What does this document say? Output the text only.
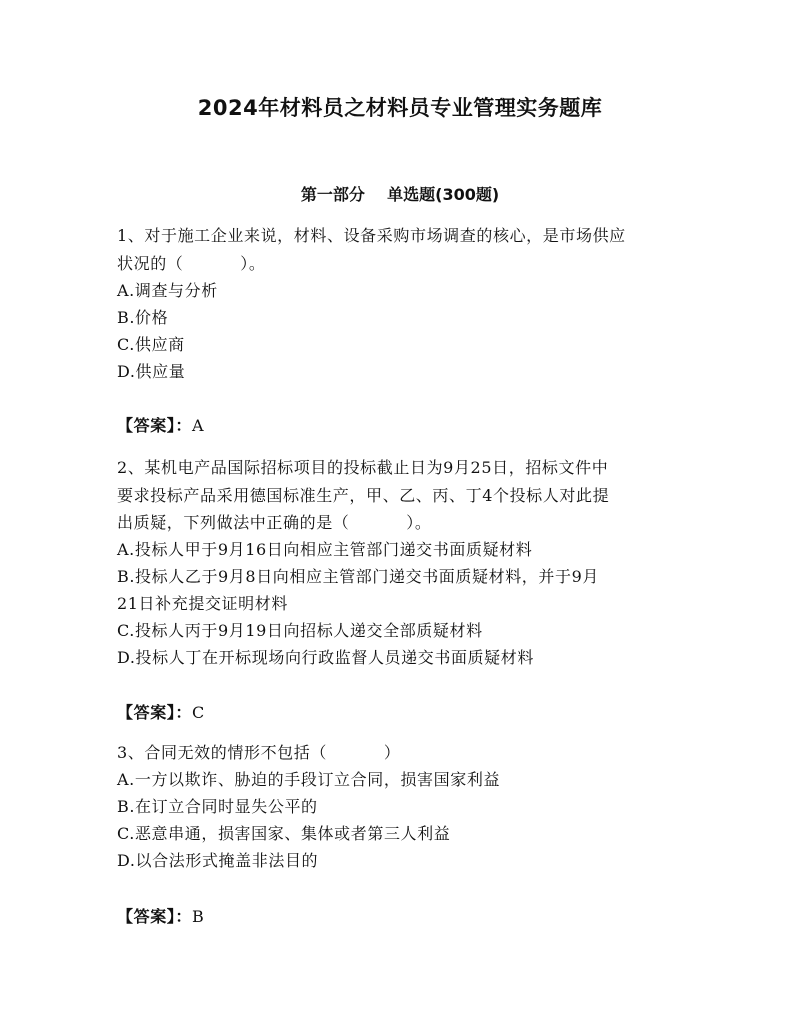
2024年材料员之材料员专业管理实务题库
第一部分    单选题(300题)
1、对于施工企业来说，材料、设备采购市场调查的核心，是市场供应
状况的（          ）。
A.调查与分析
B.价格
C.供应商
D.供应量
【答案】：A
2、某机电产品国际招标项目的投标截止日为9月25日，招标文件中
要求投标产品采用德国标准生产，甲、乙、丙、丁4个投标人对此提
出质疑，下列做法中正确的是（          ）。
A.投标人甲于9月16日向相应主管部门递交书面质疑材料
B.投标人乙于9月8日向相应主管部门递交书面质疑材料，并于9月
21日补充提交证明材料
C.投标人丙于9月19日向招标人递交全部质疑材料
D.投标人丁在开标现场向行政监督人员递交书面质疑材料
【答案】：C
3、合同无效的情形不包括（          ）
A.一方以欺诈、胁迫的手段订立合同，损害国家利益
B.在订立合同时显失公平的
C.恶意串通，损害国家、集体或者第三人利益
D.以合法形式掩盖非法目的
【答案】：B
